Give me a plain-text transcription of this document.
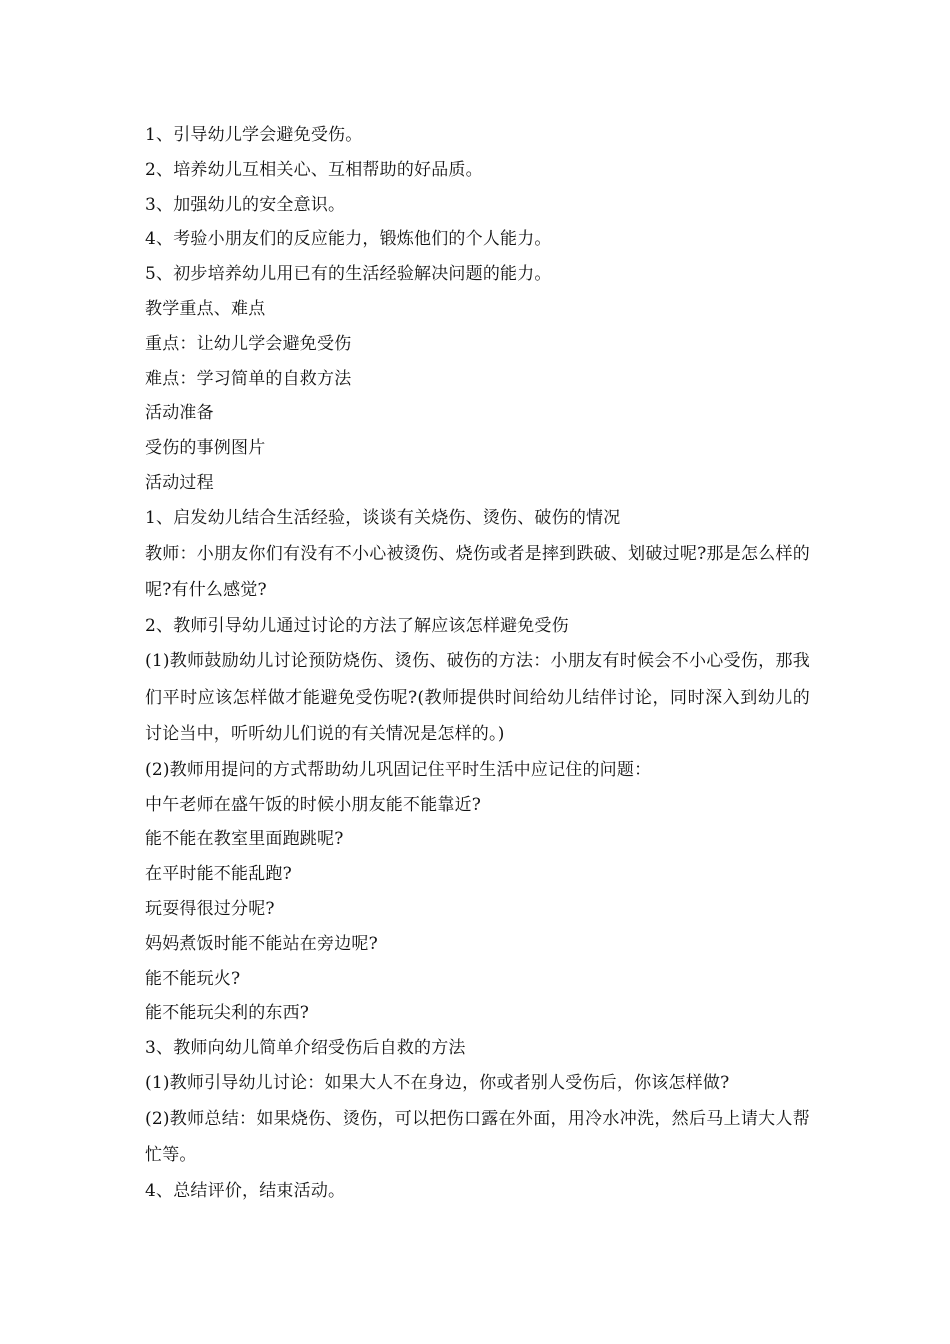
1、引导幼儿学会避免受伤。
2、培养幼儿互相关心、互相帮助的好品质。
3、加强幼儿的安全意识。
4、考验小朋友们的反应能力，锻炼他们的个人能力。
5、初步培养幼儿用已有的生活经验解决问题的能力。
教学重点、难点
重点：让幼儿学会避免受伤
难点：学习简单的自救方法
活动准备
受伤的事例图片
活动过程
1、启发幼儿结合生活经验，谈谈有关烧伤、烫伤、破伤的情况

教师：小朋友你们有没有不小心被烫伤、烧伤或者是摔到跌破、划破过呢?那是怎么样的呢?有什么感觉?

2、教师引导幼儿通过讨论的方法了解应该怎样避免受伤

(1)教师鼓励幼儿讨论预防烧伤、烫伤、破伤的方法：小朋友有时候会不小心受伤，那我们平时应该怎样做才能避免受伤呢?(教师提供时间给幼儿结伴讨论，同时深入到幼儿的讨论当中，听听幼儿们说的有关情况是怎样的。)

(2)教师用提问的方式帮助幼儿巩固记住平时生活中应记住的问题：
中午老师在盛午饭的时候小朋友能不能靠近?
能不能在教室里面跑跳呢?
在平时能不能乱跑?
玩耍得很过分呢?
妈妈煮饭时能不能站在旁边呢?
能不能玩火?
能不能玩尖利的东西?
3、教师向幼儿简单介绍受伤后自救的方法
(1)教师引导幼儿讨论：如果大人不在身边，你或者别人受伤后，你该怎样做?

(2)教师总结：如果烧伤、烫伤，可以把伤口露在外面，用冷水冲洗，然后马上请大人帮忙等。

4、总结评价，结束活动。
